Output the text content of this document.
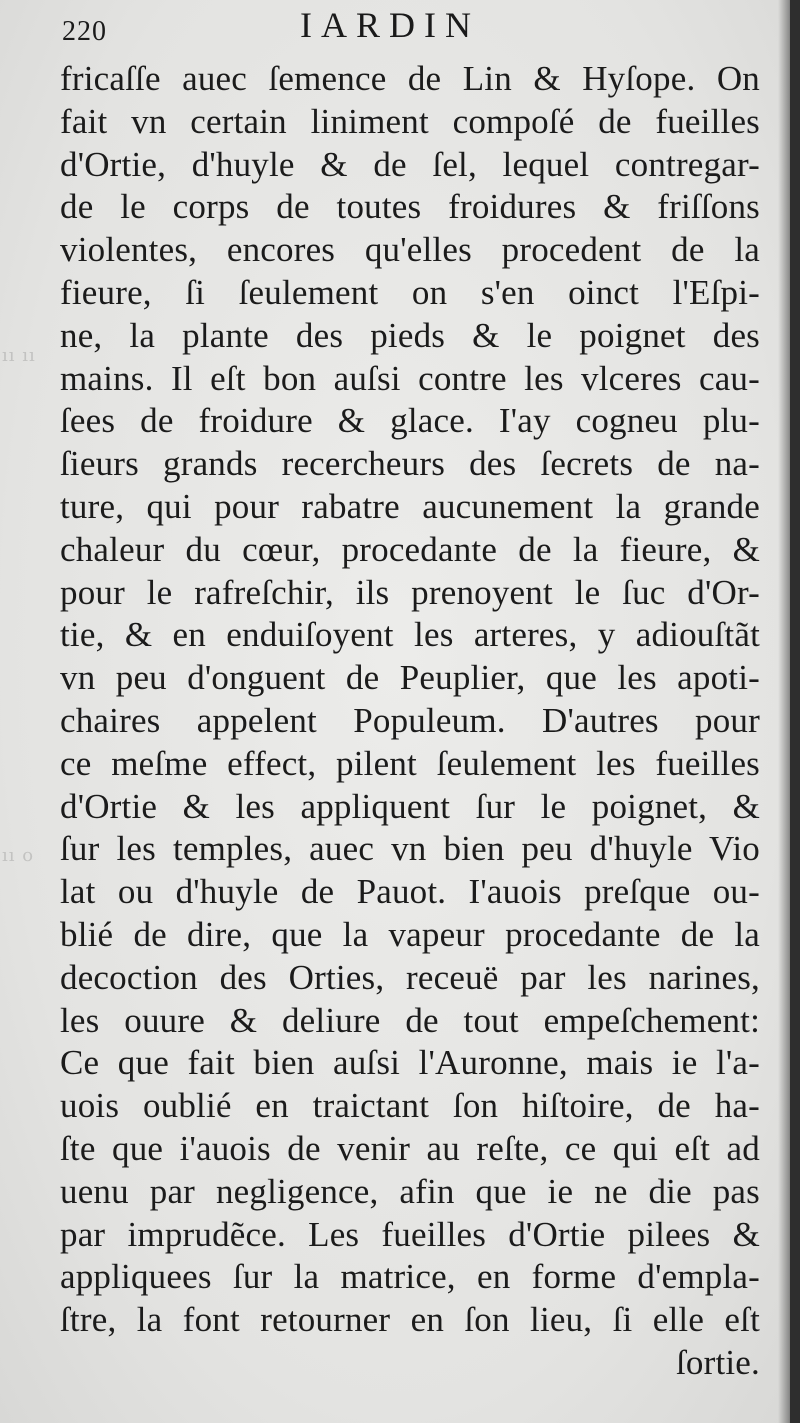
ıı ıı
ıı o
220	IARDIN
fricaſſe auec ſemence de Lin & Hyſope. On
fait vn certain liniment compoſé de fueilles
d'Ortie, d'huyle & de ſel, lequel contregar-
de le corps de toutes froidures & friſſons
violentes, encores qu'elles procedent de la
fieure, ſi ſeulement on s'en oinct l'Eſpi-
ne, la plante des pieds & le poignet des
mains. Il eſt bon auſsi contre les vlceres cau-
ſees de froidure & glace. I'ay cogneu plu-
ſieurs grands recercheurs des ſecrets de na-
ture, qui pour rabatre aucunement la grande
chaleur du cœur, procedante de la fieure, &
pour le rafreſchir, ils prenoyent le ſuc d'Or-
tie, & en enduiſoyent les arteres, y adiouſtãt
vn peu d'onguent de Peuplier, que les apoti-
chaires appelent Populeum. D'autres pour
ce meſme effect, pilent ſeulement les fueilles
d'Ortie & les appliquent ſur le poignet, &
ſur les temples, auec vn bien peu d'huyle Vio
lat ou d'huyle de Pauot. I'auois preſque ou-
blié de dire, que la vapeur procedante de la
decoction des Orties, receuë par les narines,
les ouure & deliure de tout empeſchement:
Ce que fait bien auſsi l'Auronne, mais ie l'a-
uois oublié en traictant ſon hiſtoire, de ha-
ſte que i'auois de venir au reſte, ce qui eſt ad
uenu par negligence, afin que ie ne die pas
par imprudẽce. Les fueilles d'Ortie pilees &
appliquees ſur la matrice, en forme d'empla-
ſtre, la font retourner en ſon lieu, ſi elle eſt
ſortie.
